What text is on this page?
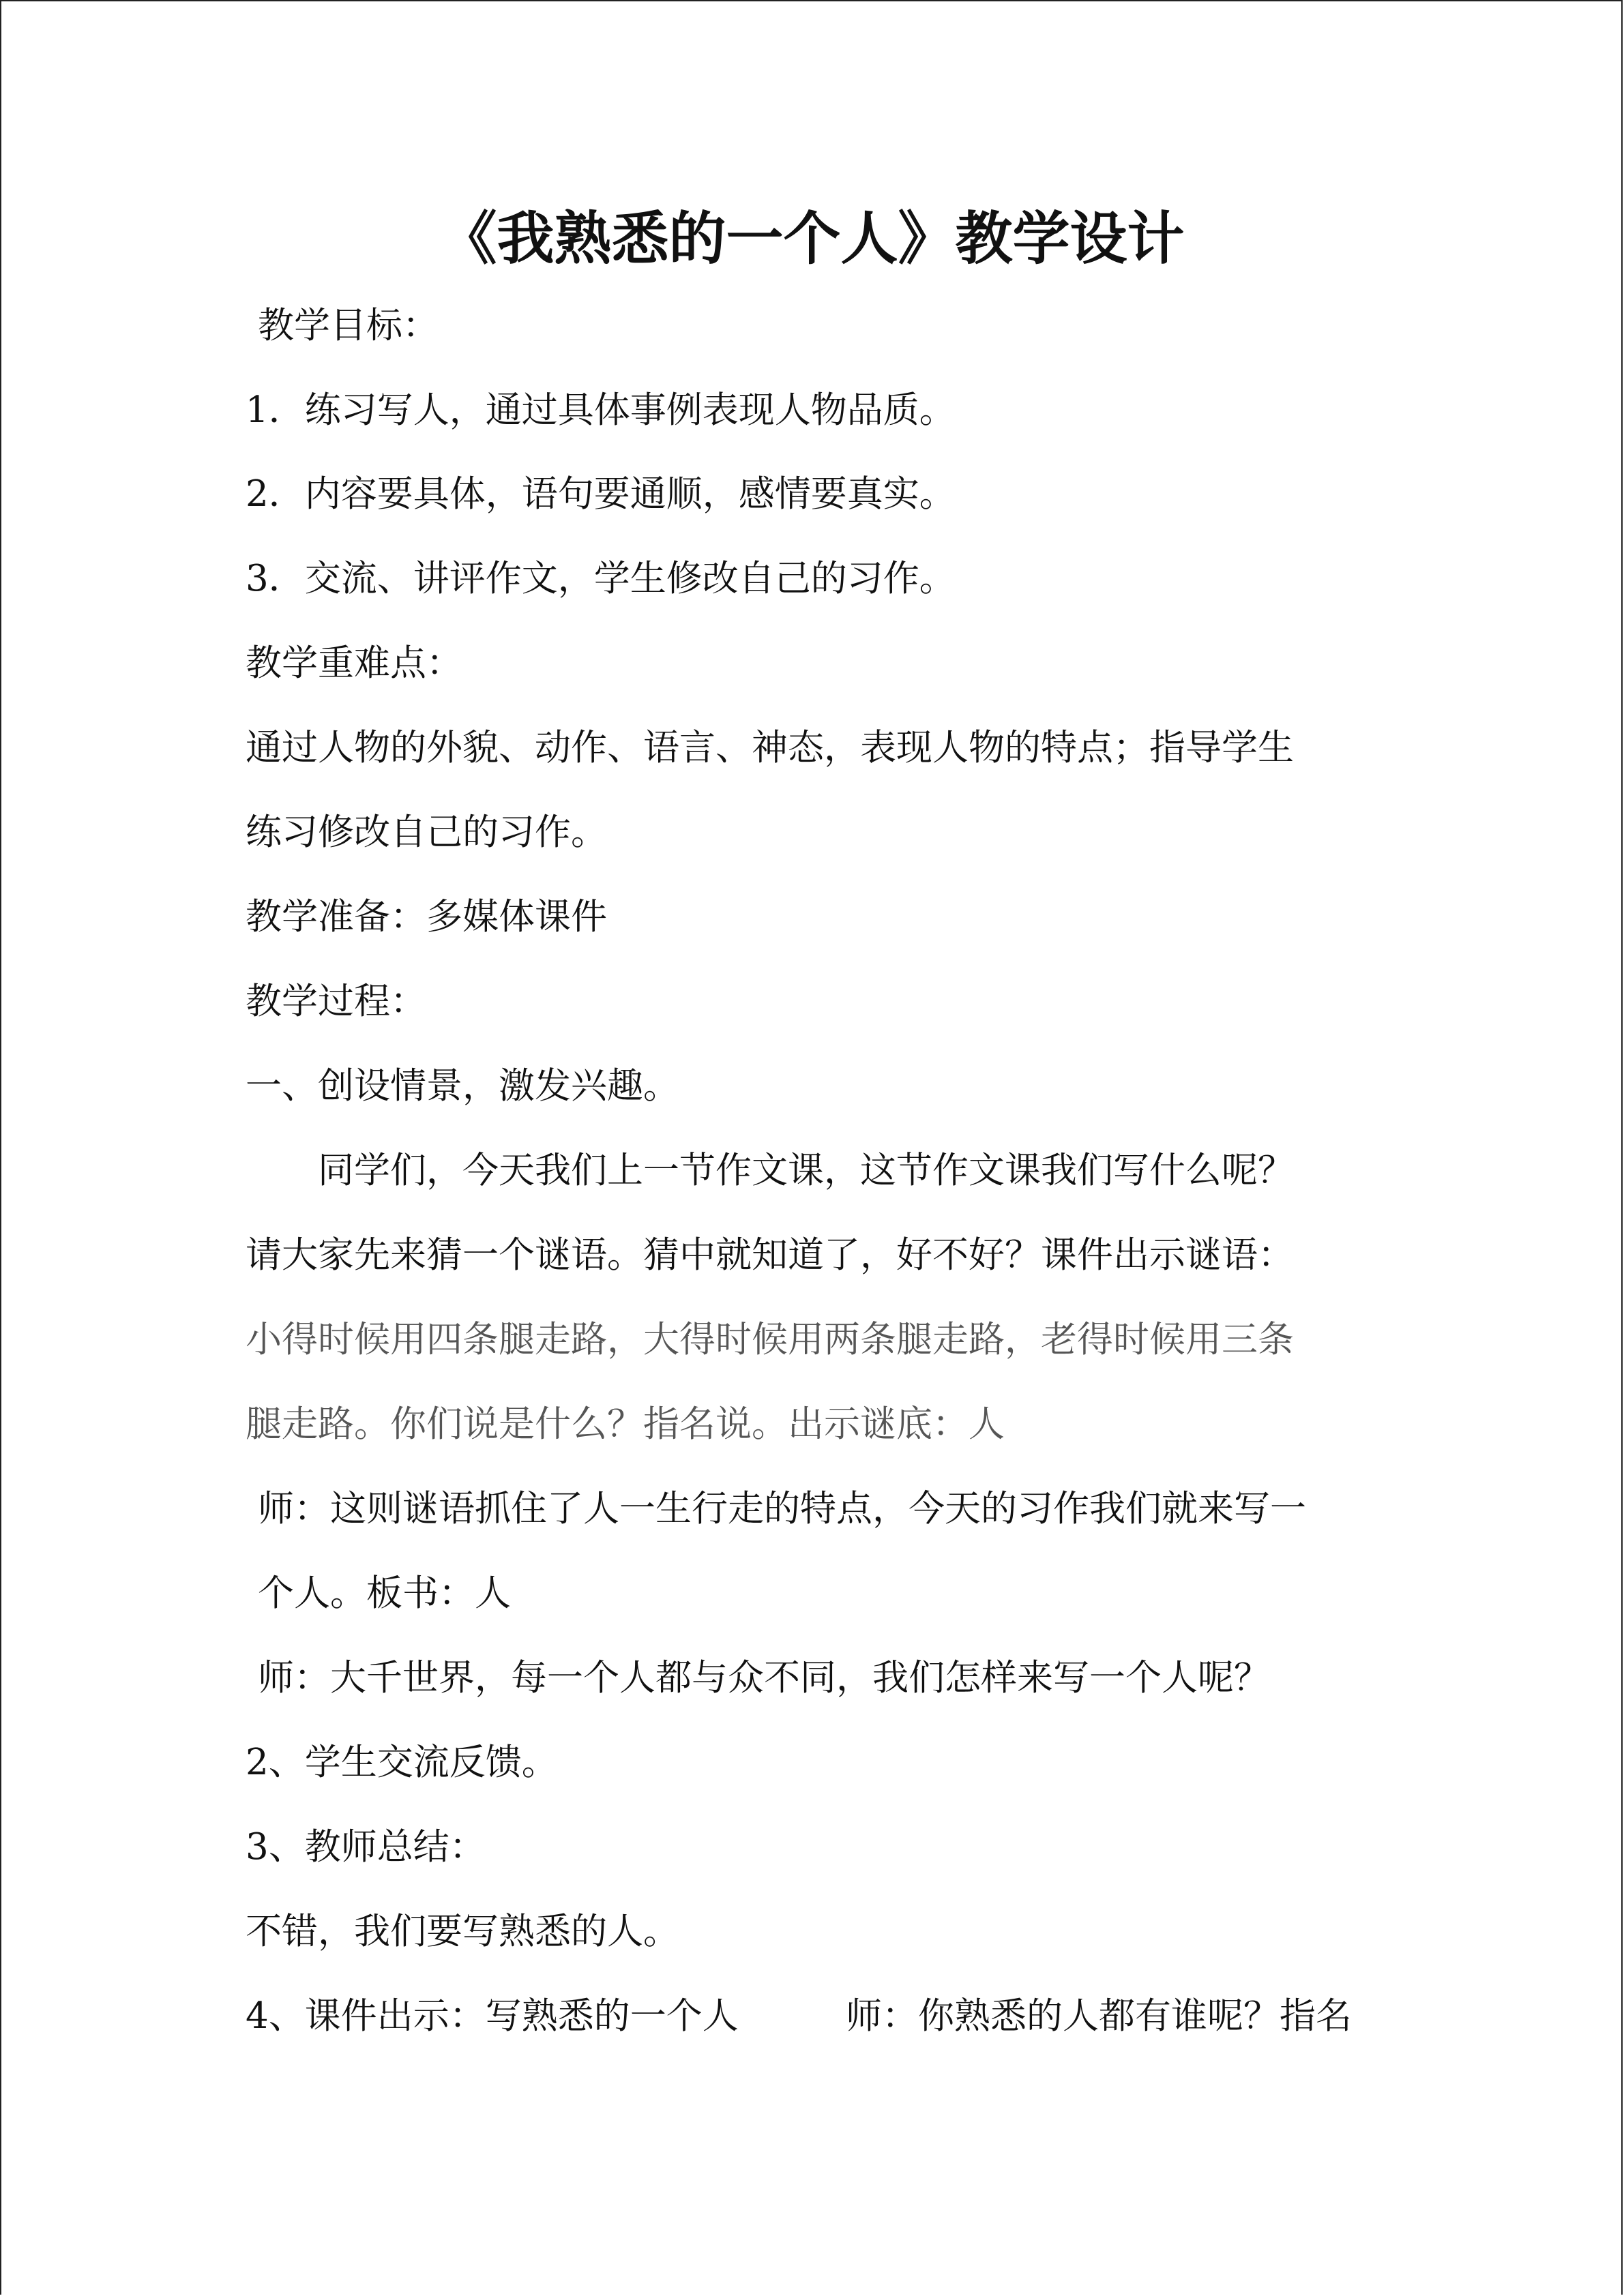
《我熟悉的一个人》教学设计
教学目标：
1．练习写人，通过具体事例表现人物品质。
2．内容要具体，语句要通顺，感情要真实。
3．交流、讲评作文，学生修改自己的习作。
教学重难点：
通过人物的外貌、动作、语言、神态，表现人物的特点；指导学生
练习修改自己的习作。
教学准备：多媒体课件
教学过程：
一、创设情景，激发兴趣。
同学们，今天我们上一节作文课，这节作文课我们写什么呢？
请大家先来猜一个谜语。猜中就知道了，好不好？课件出示谜语：
小得时候用四条腿走路，大得时候用两条腿走路，老得时候用三条
腿走路。你们说是什么？指名说。出示谜底：人
师：这则谜语抓住了人一生行走的特点，今天的习作我们就来写一
个人。板书：人
师：大千世界，每一个人都与众不同，我们怎样来写一个人呢？
2、学生交流反馈。
3、教师总结：
不错，我们要写熟悉的人。
4、课件出示：写熟悉的一个人	师：你熟悉的人都有谁呢？指名
